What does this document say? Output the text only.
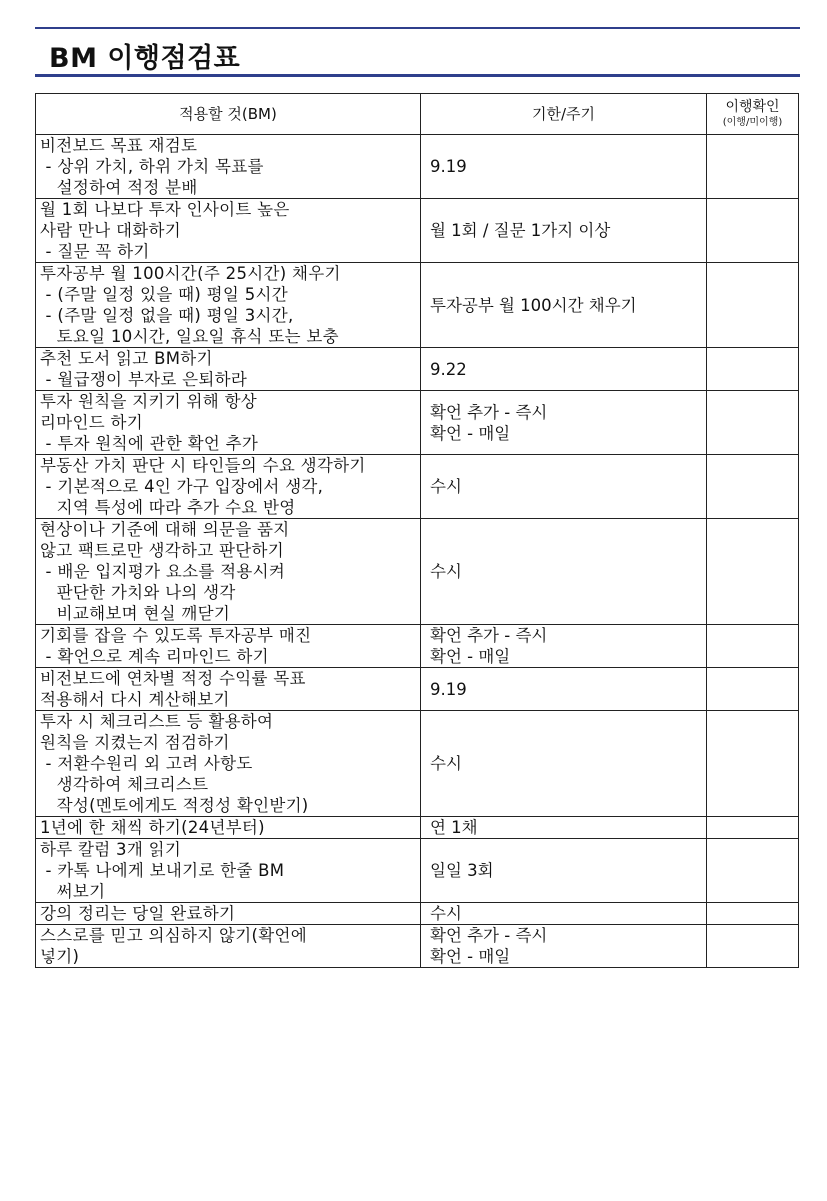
BM 이행점검표
적용할 것(BM)	기한/주기	이행확인
(이행/미이행)

비전보드 목표 재검토
- 상위 가치, 하위 가치 목표를
설정하여 적정 분배	9.19	
월 1회 나보다 투자 인사이트 높은
사람 만나 대화하기
- 질문 꼭 하기	월 1회 / 질문 1가지 이상	
투자공부 월 100시간(주 25시간) 채우기
- (주말 일정 있을 때) 평일 5시간
- (주말 일정 없을 때) 평일 3시간,
토요일 10시간, 일요일 휴식 또는 보충	투자공부 월 100시간 채우기	
추천 도서 읽고 BM하기
- 월급쟁이 부자로 은퇴하라	9.22	
투자 원칙을 지키기 위해 항상
리마인드 하기
- 투자 원칙에 관한 확언 추가	확언 추가 - 즉시
확언 - 매일	
부동산 가치 판단 시 타인들의 수요 생각하기
- 기본적으로 4인 가구 입장에서 생각,
지역 특성에 따라 추가 수요 반영	수시	
현상이나 기준에 대해 의문을 품지
않고 팩트로만 생각하고 판단하기
- 배운 입지평가 요소를 적용시켜
판단한 가치와 나의 생각
비교해보며 현실 깨닫기	수시	
기회를 잡을 수 있도록 투자공부 매진
- 확언으로 계속 리마인드 하기	확언 추가 - 즉시
확언 - 매일	
비전보드에 연차별 적정 수익률 목표
적용해서 다시 계산해보기	9.19	
투자 시 체크리스트 등 활용하여
원칙을 지켰는지 점검하기
- 저환수원리 외 고려 사항도
생각하여 체크리스트
작성(멘토에게도 적정성 확인받기)	수시	
1년에 한 채씩 하기(24년부터)	연 1채	
하루 칼럼 3개 읽기
- 카톡 나에게 보내기로 한줄 BM
써보기	일일 3회	
강의 정리는 당일 완료하기	수시	
스스로를 믿고 의심하지 않기(확언에
넣기)	확언 추가 - 즉시
확언 - 매일	
